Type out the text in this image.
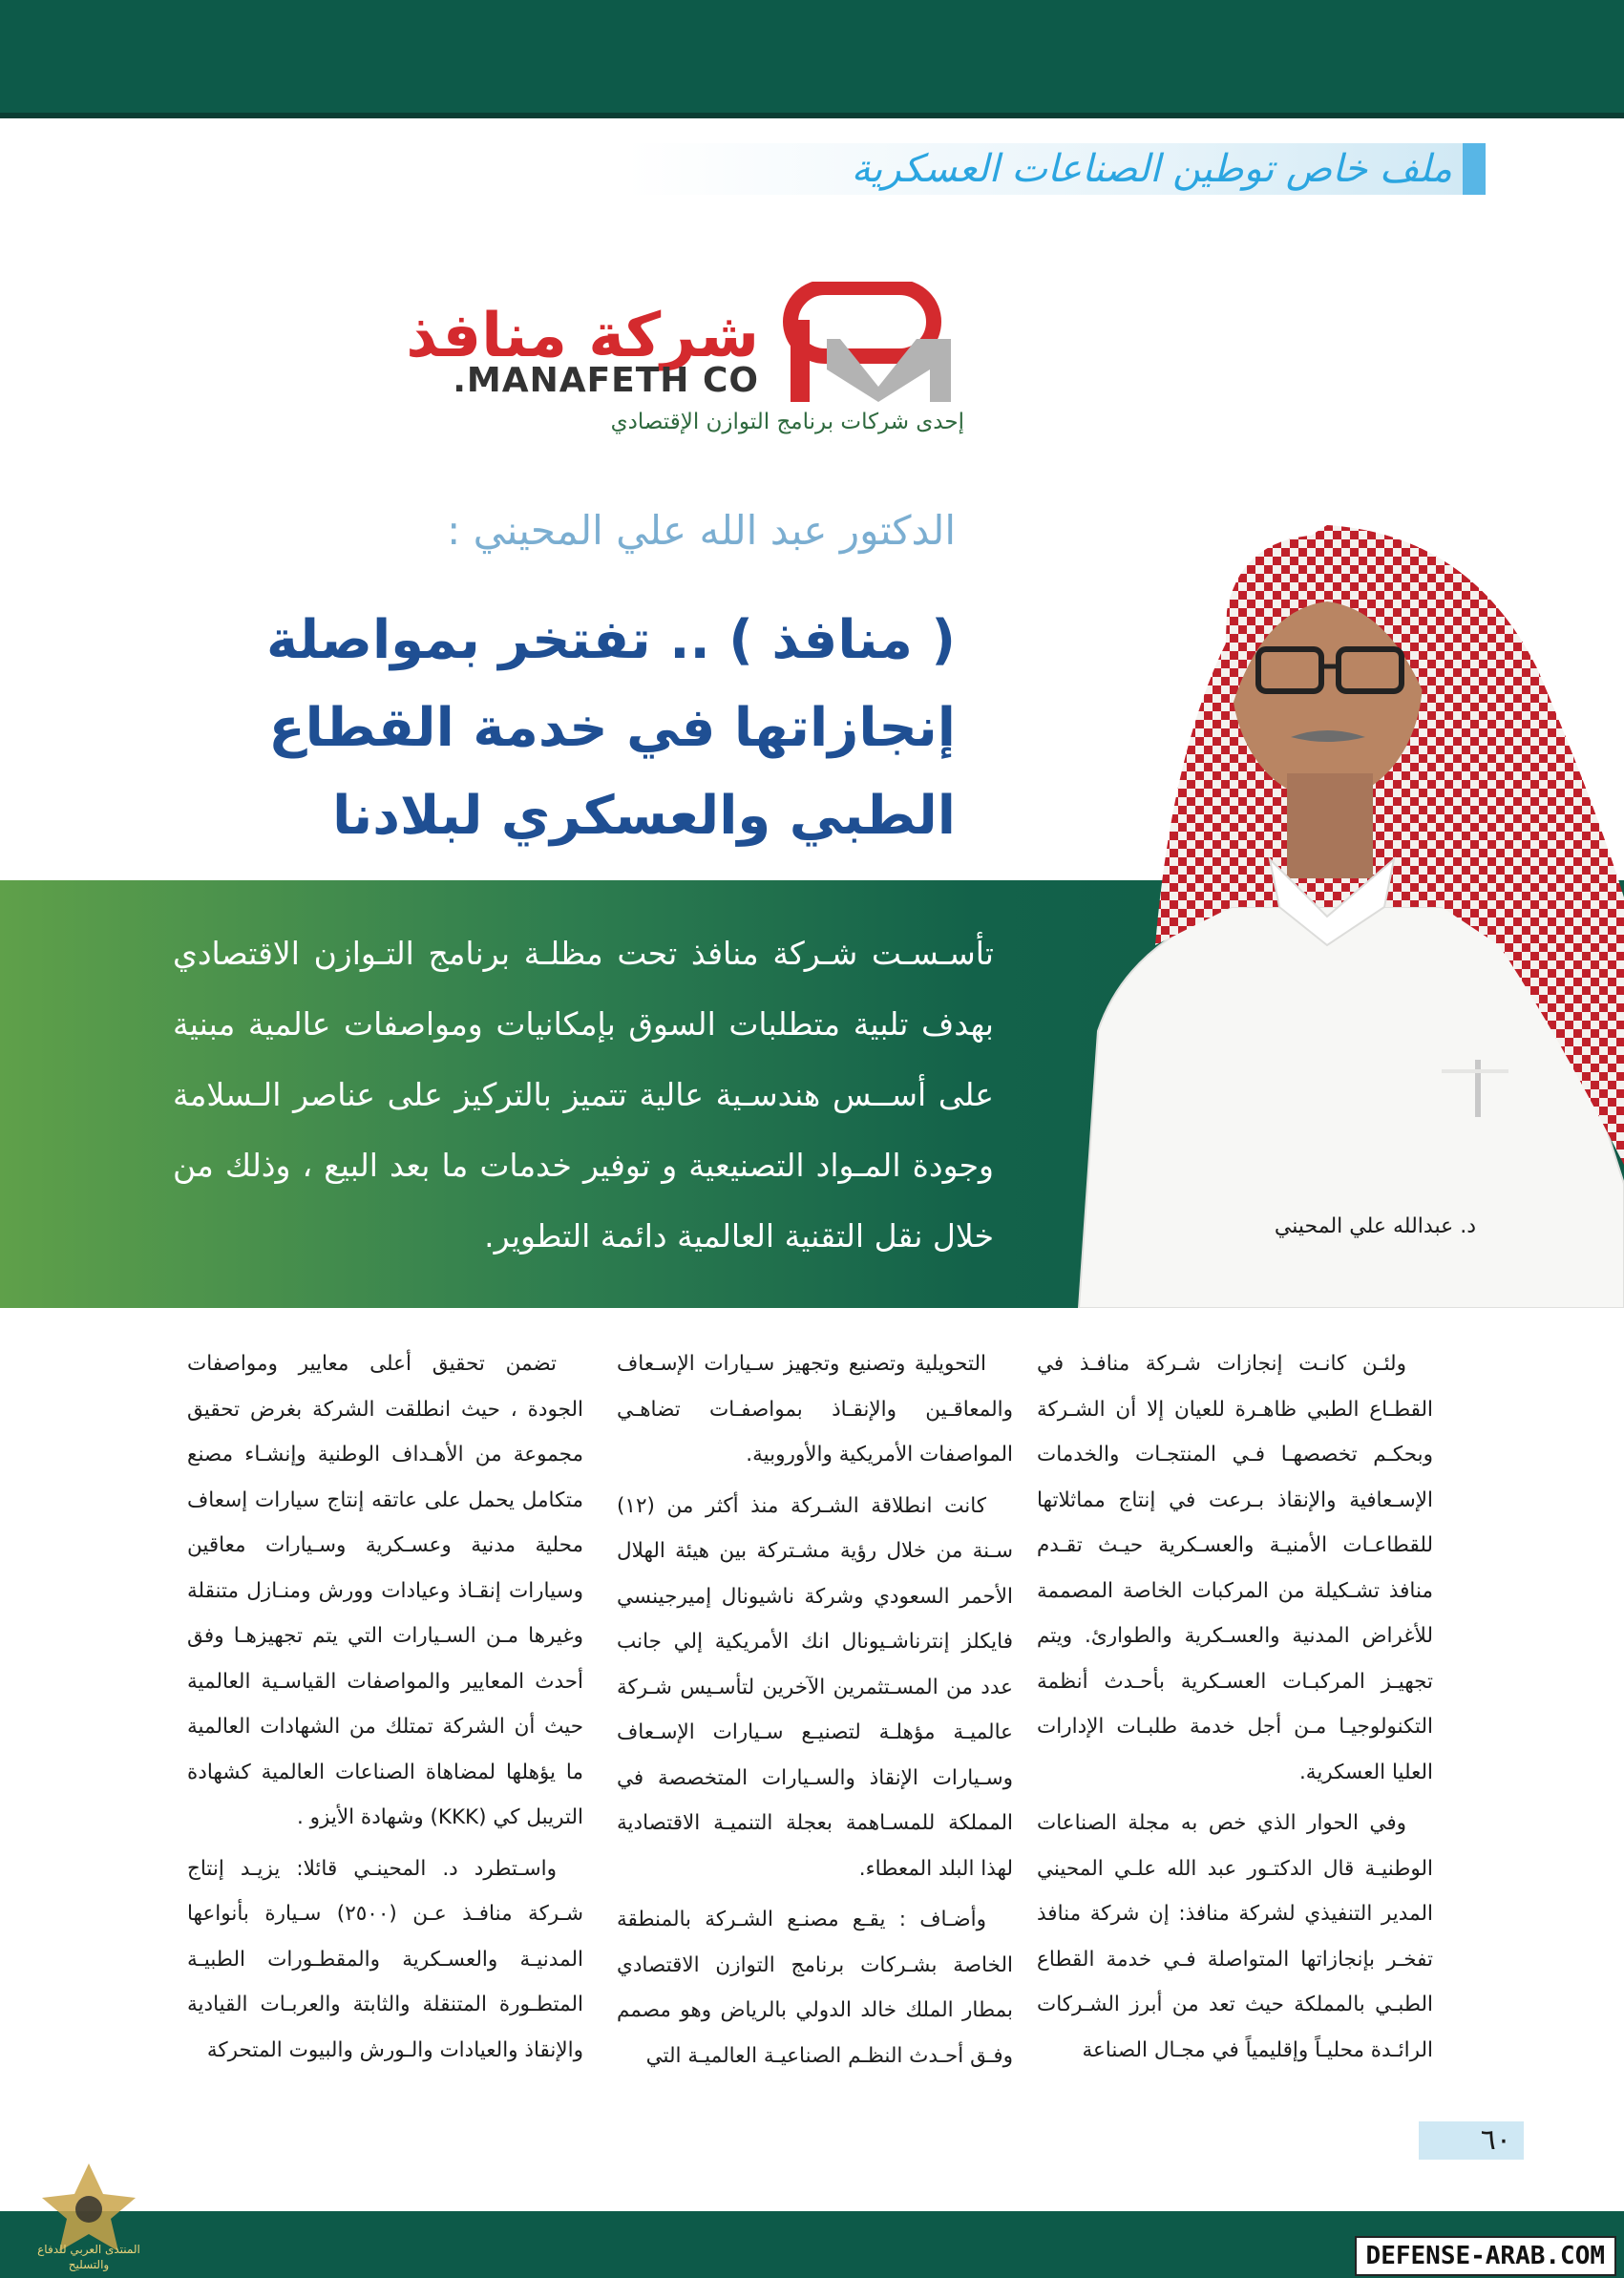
ملف خاص توطين الصناعات العسكرية
شركة منافذ
MANAFETH CO.
إحدى شركات برنامج التوازن الإقتصادي
الدكتور عبد الله علي المحيني :
( منافذ ) .. تفتخر بمواصلة إنجازاتها في خدمة القطاع الطبي والعسكري لبلادنا
تأسـسـت شـركة منافذ تحت مظلـة برنامج التـوازن الاقتصادي بهدف تلبية متطلبات السوق بإمكانيات ومواصفات عالمية مبنية على أســس هندسـية عالية تتميز بالتركيز على عناصر الـسلامة وجودة المـواد التصنيعية و توفير خدمات ما بعد البيع ، وذلك من خلال نقل التقنية العالمية دائمة التطوير.	د. عبدالله علي المحيني

ولئـن كانـت إنجازات شـركة منافـذ في القطـاع الطبي ظاهـرة للعيان إلا أن الشـركة وبحكـم تخصصهـا فـي المنتجـات والخدمات الإسـعافية والإنقاذ بـرعت في إنتاج مماثلاتها للقطاعـات الأمنيـة والعسـكرية حيـث تقـدم منافذ تشـكيلة من المركبات الخاصة المصممة للأغراض المدنية والعسـكرية والطوارئ. ويتم تجهيـز المركبـات العسـكرية بأحـدث أنظمة التكنولوجيـا مـن أجل خدمة طلبـات الإدارات العليا العسكرية.

وفي الحوار الذي خص به مجلة الصناعات الوطنيـة قال الدكتـور عبد الله علـي المحيني المدير التنفيذي لشركة منافذ: إن شركة منافذ تفخـر بإنجازاتها المتواصلة فـي خدمة القطاع الطبـي بالمملكة حيث تعد من أبرز الشـركات الرائـدة محليـاً وإقليمياً في مجـال الصناعة

التحويلية وتصنيع وتجهيز سـيارات الإسـعاف والمعاقـين والإنقـاذ بمواصفـات تضاهـي المواصفات الأمريكية والأوروبية.

كانت انطلاقة الشـركة منذ أكثر من (١٢) سـنة من خلال رؤية مشـتركة بين هيئة الهلال الأحمر السعودي وشركة ناشيونال إميرجينسي فايكلز إنترناشـيونال انك الأمريكية إلي جانب عدد من المسـتثمرين الآخرين لتأسـيس شـركة عالميـة مؤهلـة لتصنيـع سـيارات الإسـعاف وسـيارات الإنقاذ والسـيارات المتخصصة في المملكة للمسـاهمة بعجلة التنميـة الاقتصادية لهذا البلد المعطاء.

وأضـاف : يقـع مصنـع الشـركة بالمنطقة الخاصة بشـركات برنامج التوازن الاقتصادي بمطار الملك خالد الدولي بالرياض وهو مصمم وفـق أحـدث النظـم الصناعيـة العالميـة التي

تضمن تحقيق أعلى معايير ومواصفات الجودة ، حيث انطلقت الشركة بغرض تحقيق مجموعة من الأهـداف الوطنية وإنشـاء مصنع متكامل يحمل على عاتقه إنتاج سيارات إسعاف محلية مدنية وعسـكرية وسـيارات معاقين وسيارات إنقـاذ وعيادات وورش ومنـازل متنقلة وغيرها مـن السـيارات التي يتم تجهيزهـا وفق أحدث المعايير والمواصفات القياسـية العالمية حيث أن الشركة تمتلك من الشهادات العالمية ما يؤهلها لمضاهاة الصناعات العالمية كشهادة التريبل كي (KKK) وشهادة الأيزو .

واسـتطرد د. المحينـي قائلا: يزيـد إنتاج شـركة منافـذ عـن (٢٥٠٠) سـيارة بأنواعها المدنيـة والعسـكرية والمقطـورات الطبيـة المتطـورة المتنقلة والثابتة والعربـات القيادية والإنقاذ والعيادات والـورش والبيوت المتحركة

٦٠
المنتدى العربي للدفاع والتسليح	DEFENSE-ARAB.COM
